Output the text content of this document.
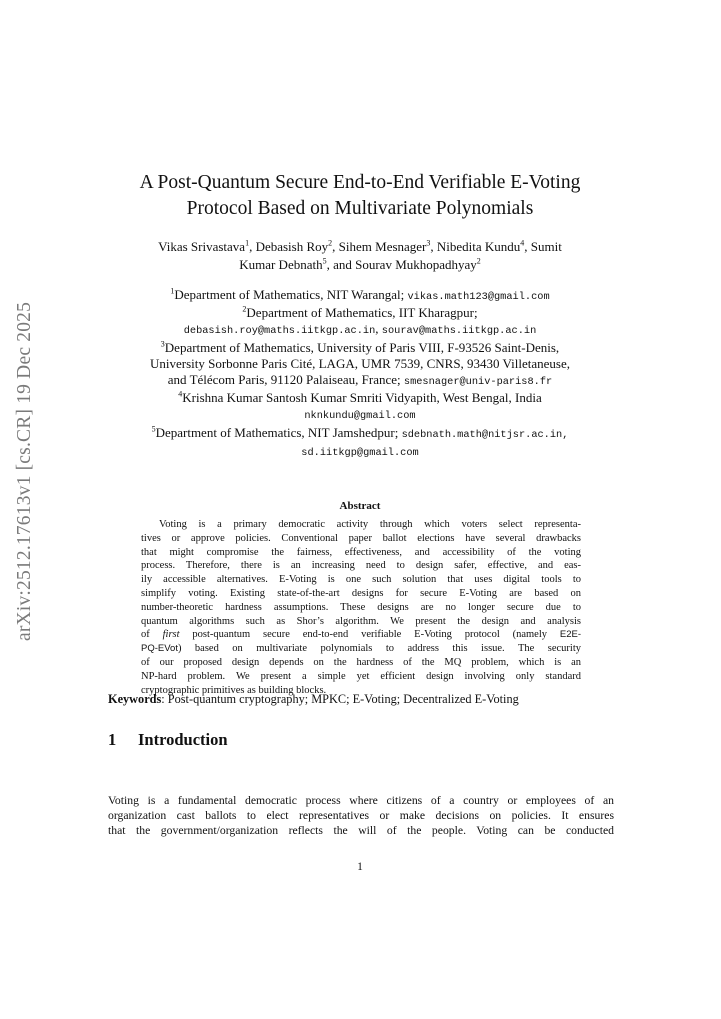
arXiv:2512.17613v1 [cs.CR] 19 Dec 2025
A Post-Quantum Secure End-to-End Verifiable E-Voting
Protocol Based on Multivariate Polynomials
Vikas Srivastava$^1$, Debasish Roy$^2$, Sihem Mesnager$^3$, Nibedita Kundu$^4$, Sumit
Kumar Debnath$^5$, and Sourav Mukhopadhyay$^2$
$^1$Department of Mathematics, NIT Warangal; vikas.math123@gmail.com
$^2$Department of Mathematics, IIT Kharagpur;
debasish.roy@maths.iitkgp.ac.in, sourav@maths.iitkgp.ac.in
$^3$Department of Mathematics, University of Paris VIII, F-93526 Saint-Denis,
University Sorbonne Paris Cité, LAGA, UMR 7539, CNRS, 93430 Villetaneuse,
and Télécom Paris, 91120 Palaiseau, France; smesnager@univ-paris8.fr
$^4$Krishna Kumar Santosh Kumar Smriti Vidyapith, West Bengal, India
nknkundu@gmail.com
$^5$Department of Mathematics, NIT Jamshedpur; sdebnath.math@nitjsr.ac.in,
sd.iitkgp@gmail.com
Abstract
Voting is a primary democratic activity through which voters select representa-
tives or approve policies. Conventional paper ballot elections have several drawbacks
that might compromise the fairness, effectiveness, and accessibility of the voting
process. Therefore, there is an increasing need to design safer, effective, and eas-
ily accessible alternatives. E-Voting is one such solution that uses digital tools to
simplify voting. Existing state-of-the-art designs for secure E-Voting are based on
number-theoretic hardness assumptions. These designs are no longer secure due to
quantum algorithms such as Shor’s algorithm. We present the design and analysis
of first post-quantum secure end-to-end verifiable E-Voting protocol (namely E2E-
PQ-EVot) based on multivariate polynomials to address this issue. The security
of our proposed design depends on the hardness of the MQ problem, which is an
NP-hard problem. We present a simple yet efficient design involving only standard
cryptographic primitives as building blocks.
Keywords: Post-quantum cryptography; MPKC; E-Voting; Decentralized E-Voting
1 Introduction
Voting is a fundamental democratic process where citizens of a country or employees of an
organization cast ballots to elect representatives or make decisions on policies. It ensures
that the government/organization reflects the will of the people. Voting can be conducted
1
